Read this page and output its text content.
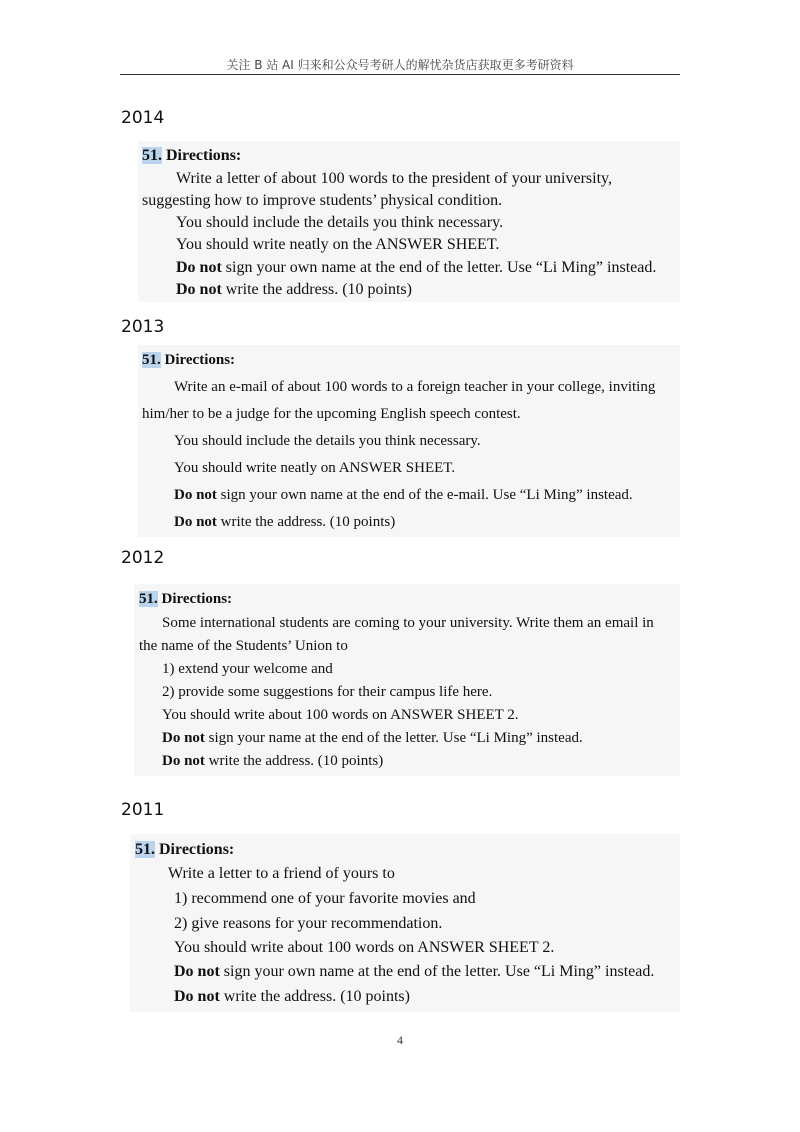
关注 B 站 AI 归来和公众号考研人的解忧杂货店获取更多考研资料
2014
51. Directions:
Write a letter of about 100 words to the president of your university,
suggesting how to improve students’ physical condition.
You should include the details you think necessary.
You should write neatly on the ANSWER SHEET.
Do not sign your own name at the end of the letter. Use “Li Ming” instead.
Do not write the address. (10 points)
2013
51. Directions:
Write an e-mail of about 100 words to a foreign teacher in your college, inviting
him/her to be a judge for the upcoming English speech contest.
You should include the details you think necessary.
You should write neatly on ANSWER SHEET.
Do not sign your own name at the end of the e-mail. Use “Li Ming” instead.
Do not write the address. (10 points)
2012
51. Directions:
Some international students are coming to your university. Write them an email in
the name of the Students’ Union to
1) extend your welcome and
2) provide some suggestions for their campus life here.
You should write about 100 words on ANSWER SHEET 2.
Do not sign your name at the end of the letter. Use “Li Ming” instead.
Do not write the address. (10 points)
2011
51. Directions:
Write a letter to a friend of yours to
1) recommend one of your favorite movies and
2) give reasons for your recommendation.
You should write about 100 words on ANSWER SHEET 2.
Do not sign your own name at the end of the letter. Use “Li Ming” instead.
Do not write the address. (10 points)
4
